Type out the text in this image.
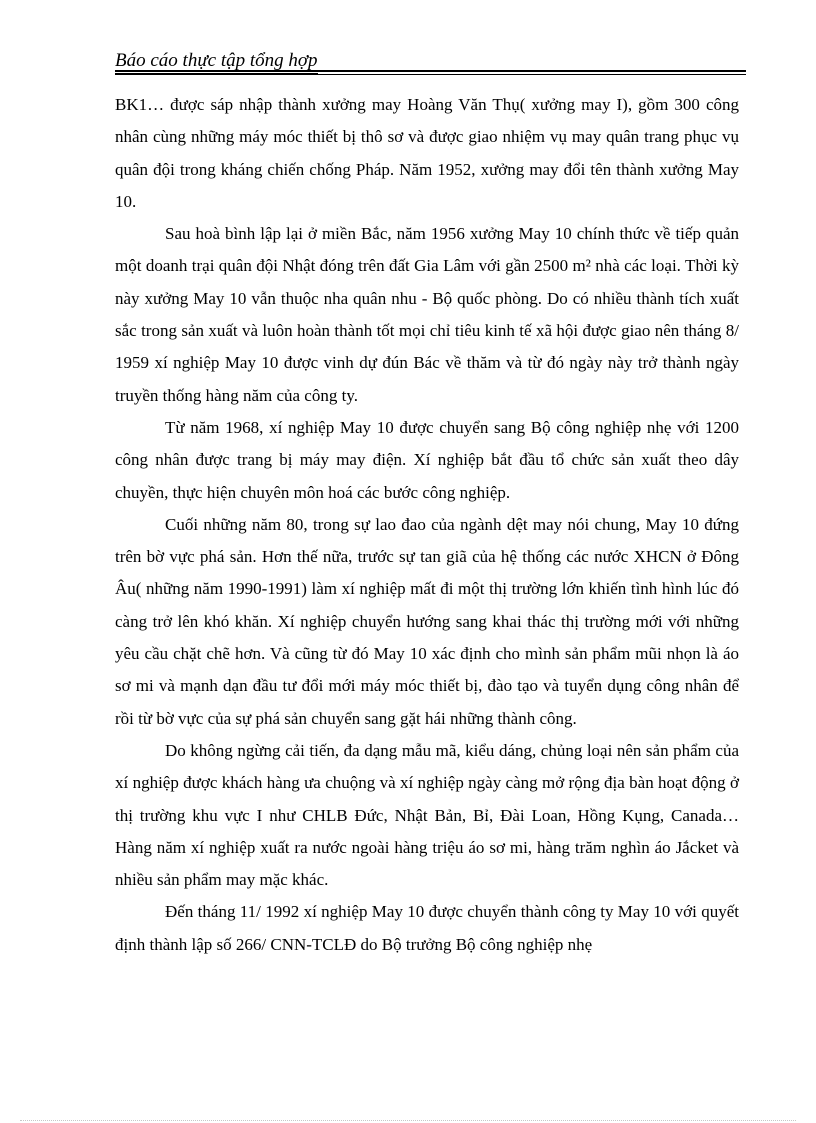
Báo cáo thực tập tổng hợp

BK1… được sáp nhập thành xưởng may Hoàng Văn Thụ( xưởng may I), gồm 300 công nhân cùng những máy móc thiết bị thô sơ và được giao nhiệm vụ may quân trang phục vụ quân đội trong kháng chiến chống Pháp. Năm 1952, xưởng may đổi tên thành xưởng May 10.

Sau hoà bình lập lại ở miền Bắc, năm 1956 xưởng May 10 chính thức về tiếp quản một doanh trại quân đội Nhật đóng trên đất Gia Lâm với gần 2500 m² nhà các loại. Thời kỳ này xưởng May 10 vẫn thuộc nha quân nhu - Bộ quốc phòng. Do có nhiều thành tích xuất sắc trong sản xuất và luôn hoàn thành tốt mọi chỉ tiêu kinh tế xã hội được giao nên tháng 8/ 1959 xí nghiệp May 10 được vinh dự đún Bác về thăm và từ đó ngày này trở thành ngày truyền thống hàng năm của công ty.

Từ năm 1968, xí nghiệp May 10 được chuyển sang Bộ công nghiệp nhẹ với 1200 công nhân được trang bị máy may điện. Xí nghiệp bắt đầu tổ chức sản xuất theo dây chuyền, thực hiện chuyên môn hoá các bước công nghiệp.

Cuối những năm 80, trong sự lao đao của ngành dệt may nói chung, May 10 đứng trên bờ vực phá sản. Hơn thế nữa, trước sự tan giã của hệ thống các nước XHCN ở Đông Âu( những năm 1990-1991) làm xí nghiệp mất đi một thị trường lớn khiến tình hình lúc đó càng trở lên khó khăn. Xí nghiệp chuyển hướng sang khai thác thị trường mới với những yêu cầu chặt chẽ hơn. Và cũng từ đó May 10 xác định cho mình sản phẩm mũi nhọn là áo sơ mi và mạnh dạn đầu tư đổi mới máy móc thiết bị, đào tạo và tuyển dụng công nhân để rồi từ bờ vực của sự phá sản chuyển sang gặt hái những thành công.

Do không ngừng cải tiến, đa dạng mẫu mã, kiểu dáng, chủng loại nên sản phẩm của xí nghiệp được khách hàng ưa chuộng và xí nghiệp ngày càng mở rộng địa bàn hoạt động ở thị trường khu vực I như CHLB Đức, Nhật Bản, Bỉ, Đài Loan, Hồng Kụng, Canada… Hàng năm xí nghiệp xuất ra nước ngoài hàng triệu áo sơ mi, hàng trăm nghìn áo Jắcket và nhiều sản phẩm may mặc khác.

Đến tháng 11/ 1992 xí nghiệp May 10 được chuyển thành công ty May 10 với quyết định thành lập số 266/ CNN-TCLĐ do Bộ trưởng Bộ công nghiệp nhẹ
